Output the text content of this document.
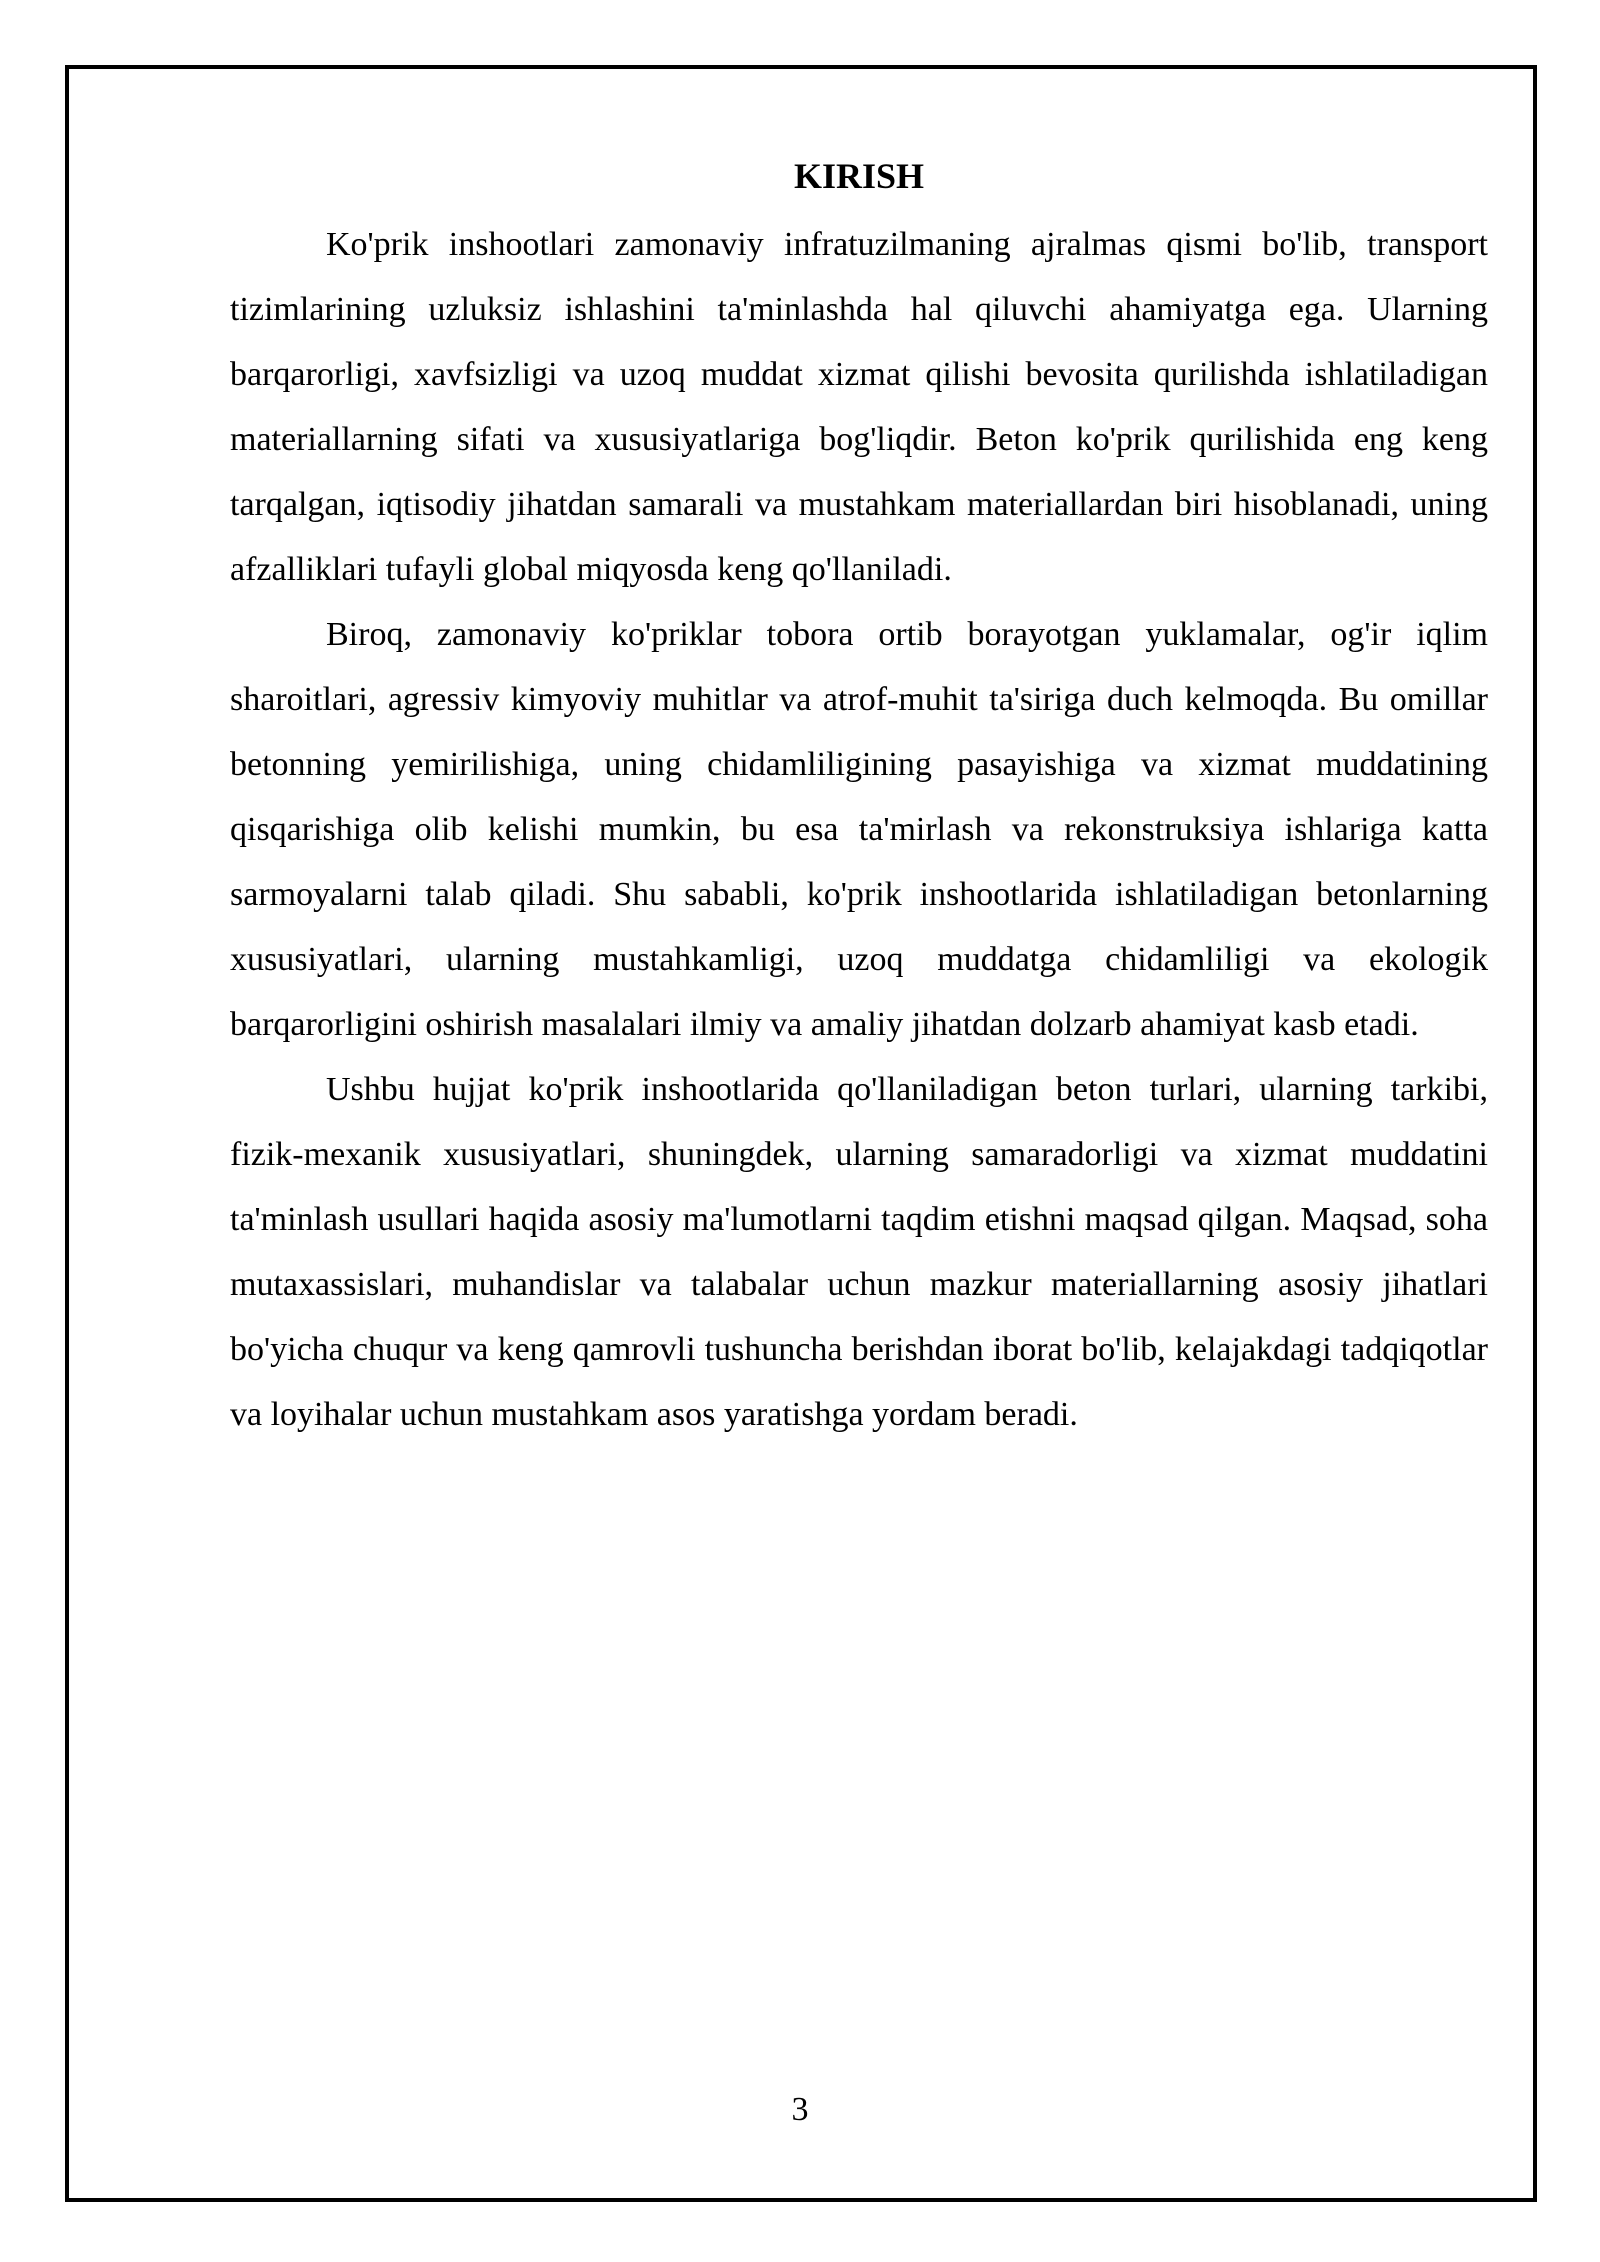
KIRISH

Ko'prik inshootlari zamonaviy infratuzilmaning ajralmas qismi bo'lib, transport tizimlarining uzluksiz ishlashini ta'minlashda hal qiluvchi ahamiyatga ega. Ularning barqarorligi, xavfsizligi va uzoq muddat xizmat qilishi bevosita qurilishda ishlatiladigan materiallarning sifati va xususiyatlariga bog'liqdir. Beton ko'prik qurilishida eng keng tarqalgan, iqtisodiy jihatdan samarali va mustahkam materiallardan biri hisoblanadi, uning afzalliklari tufayli global miqyosda keng qo'llaniladi.

Biroq, zamonaviy ko'priklar tobora ortib borayotgan yuklamalar, og'ir iqlim sharoitlari, agressiv kimyoviy muhitlar va atrof-muhit ta'siriga duch kelmoqda. Bu omillar betonning yemirilishiga, uning chidamliligining pasayishiga va xizmat muddatining qisqarishiga olib kelishi mumkin, bu esa ta'mirlash va rekonstruksiya ishlariga katta sarmoyalarni talab qiladi. Shu sababli, ko'prik inshootlarida ishlatiladigan betonlarning xususiyatlari, ularning mustahkamligi, uzoq muddatga chidamliligi va ekologik barqarorligini oshirish masalalari ilmiy va amaliy jihatdan dolzarb ahamiyat kasb etadi.

Ushbu hujjat ko'prik inshootlarida qo'llaniladigan beton turlari, ularning tarkibi, fizik-mexanik xususiyatlari, shuningdek, ularning samaradorligi va xizmat muddatini ta'minlash usullari haqida asosiy ma'lumotlarni taqdim etishni maqsad qilgan. Maqsad, soha mutaxassislari, muhandislar va talabalar uchun mazkur materiallarning asosiy jihatlari bo'yicha chuqur va keng qamrovli tushuncha berishdan iborat bo'lib, kelajakdagi tadqiqotlar va loyihalar uchun mustahkam asos yaratishga yordam beradi.

3
